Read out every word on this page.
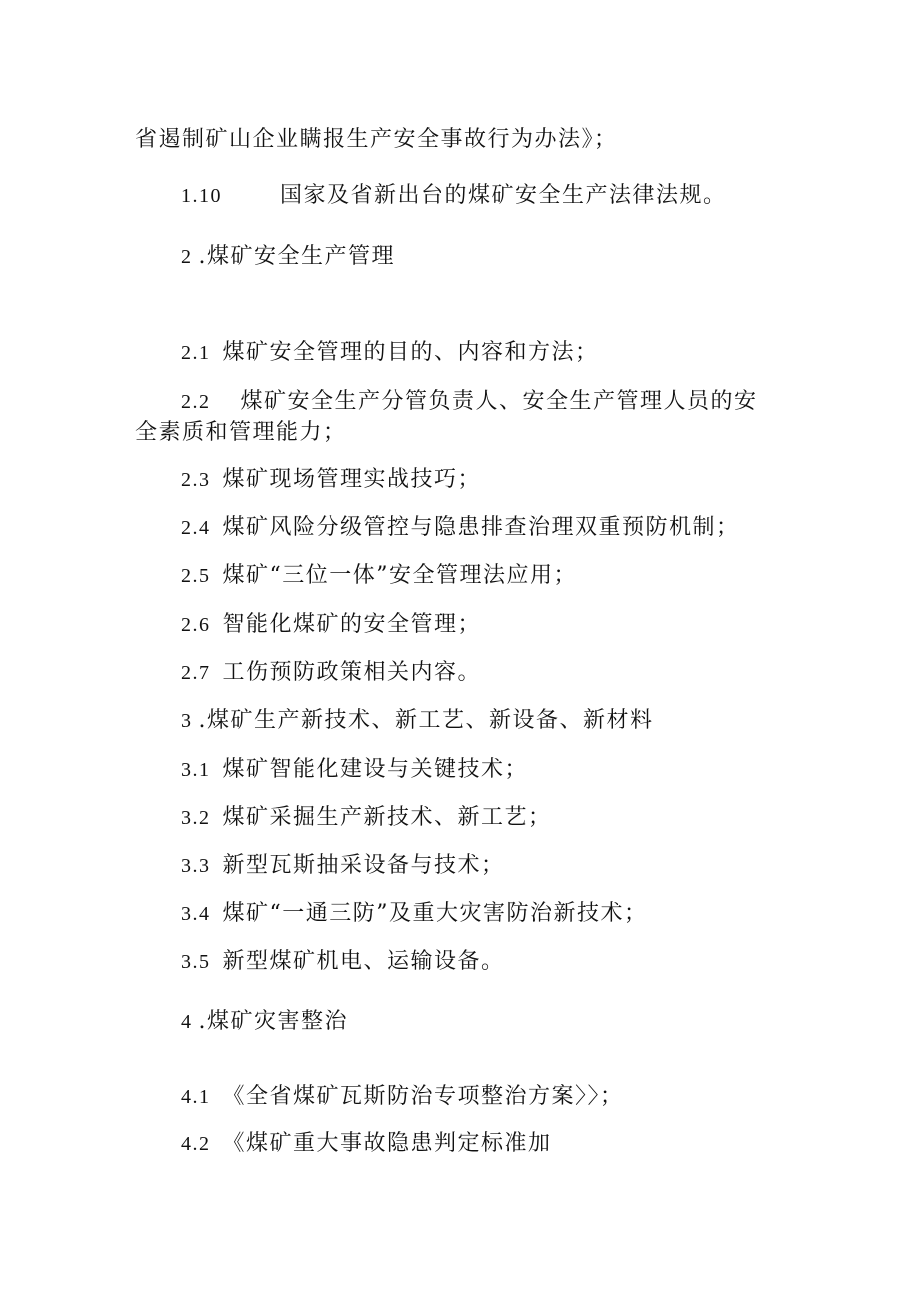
省遏制矿山企业瞒报生产安全事故行为办法》；
1.10	国家及省新出台的煤矿安全生产法律法规。
2 .煤矿安全生产管理
2.1 煤矿安全管理的目的、内容和方法；
2.2 煤矿安全生产分管负责人、安全生产管理人员的安
全素质和管理能力；
2.3 煤矿现场管理实战技巧；
2.4 煤矿风险分级管控与隐患排查治理双重预防机制；
2.5 煤矿“三位一体”安全管理法应用；
2.6 智能化煤矿的安全管理；
2.7 工伤预防政策相关内容。
3 .煤矿生产新技术、新工艺、新设备、新材料
3.1 煤矿智能化建设与关键技术；
3.2 煤矿采掘生产新技术、新工艺；
3.3 新型瓦斯抽采设备与技术；
3.4 煤矿“一通三防”及重大灾害防治新技术；
3.5 新型煤矿机电、运输设备。
4 .煤矿灾害整治
4.1 《全省煤矿瓦斯防治专项整治方案〉〉；
4.2 《煤矿重大事故隐患判定标准加
